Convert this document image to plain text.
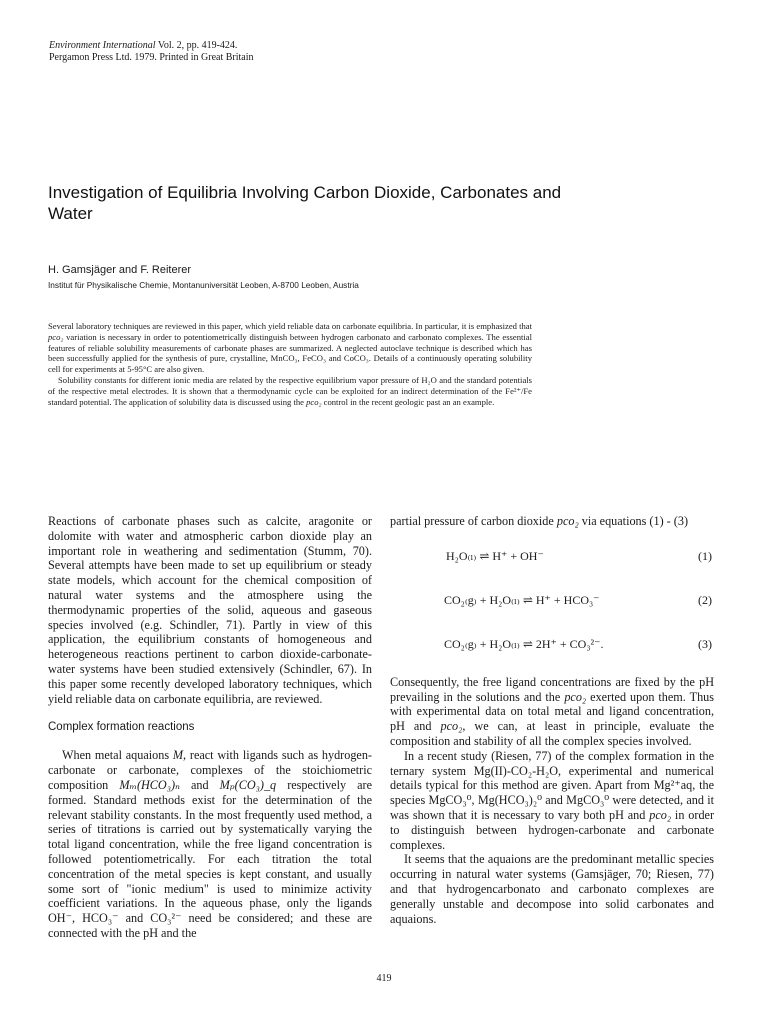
Environment International Vol. 2, pp. 419-424.
Pergamon Press Ltd. 1979. Printed in Great Britain
Investigation of Equilibria Involving Carbon Dioxide, Carbonates and Water
H. Gamsjäger and F. Reiterer
Institut für Physikalische Chemie, Montanuniversität Leoben, A-8700 Leoben, Austria

Several laboratory techniques are reviewed in this paper, which yield reliable data on carbonate equilibria. In particular, it is emphasized that pco₂ variation is necessary in order to potentiometrically distinguish between hydrogen carbonato and carbonato complexes. The essential features of reliable solubility measurements of carbonate phases are summarized. A neglected autoclave technique is described which has been successfully applied for the synthesis of pure, crystalline, MnCO₃, FeCO₃ and CoCO₃. Details of a continuously operating solubility cell for experiments at 5-95°C are also given.

Solubility constants for different ionic media are related by the respective equilibrium vapor pressure of H₂O and the standard potentials of the respective metal electrodes. It is shown that a thermodynamic cycle can be exploited for an indirect determination of the Fe²⁺/Fe standard potential. The application of solubility data is discussed using the pco₂ control in the recent geologic past an an example.

Reactions of carbonate phases such as calcite, aragonite or dolomite with water and atmospheric carbon dioxide play an important role in weathering and sedimentation (Stumm, 70). Several attempts have been made to set up equilibrium or steady state models, which account for the chemical composition of natural water systems and the atmosphere using the thermodynamic properties of the solid, aqueous and gaseous species involved (e.g. Schindler, 71). Partly in view of this application, the equilibrium constants of homogeneous and heterogeneous reactions pertinent to carbon dioxide-carbonate-water systems have been studied extensively (Schindler, 67). In this paper some recently developed laboratory techniques, which yield reliable data on carbonate equilibria, are reviewed.

Complex formation reactions

When metal aquaions M, react with ligands such as hydrogen-carbonate or carbonate, complexes of the stoichiometric composition Mₘ(HCO₃)ₙ and Mₚ(CO₃)_q respectively are formed. Standard methods exist for the determination of the relevant stability constants. In the most frequently used method, a series of titrations is carried out by systematically varying the total ligand concentration, while the free ligand concentration is followed potentiometrically. For each titration the total concentration of the metal species is kept constant, and usually some sort of "ionic medium" is used to minimize activity coefficient variations. In the aqueous phase, only the ligands OH⁻, HCO₃⁻ and CO₃²⁻ need be considered; and these are connected with the pH and the

partial pressure of carbon dioxide pco₂ via equations (1) - (3)

H₂O₍ₗ₎ ⇌ H⁺ + OH⁻	(1)
CO₂₍g₎ + H₂O₍ₗ₎ ⇌ H⁺ + HCO₃⁻	(2)
CO₂₍g₎ + H₂O₍ₗ₎ ⇌ 2H⁺ + CO₃²⁻.	(3)

Consequently, the free ligand concentrations are fixed by the pH prevailing in the solutions and the pco₂ exerted upon them. Thus with experimental data on total metal and ligand concentration, pH and pco₂, we can, at least in principle, evaluate the composition and stability of all the complex species involved.

In a recent study (Riesen, 77) of the complex formation in the ternary system Mg(II)-CO₂-H₂O, experimental and numerical details typical for this method are given. Apart from Mg²⁺aq, the species MgCO₃⁰, Mg(HCO₃)₂⁰ and MgCO₃⁰ were detected, and it was shown that it is necessary to vary both pH and pco₂ in order to distinguish between hydrogen-carbonate and carbonate complexes.

It seems that the aquaions are the predominant metallic species occurring in natural water systems (Gamsjäger, 70; Riesen, 77) and that hydrogencarbonato and carbonato complexes are generally unstable and decompose into solid carbonates and aquaions.

419
